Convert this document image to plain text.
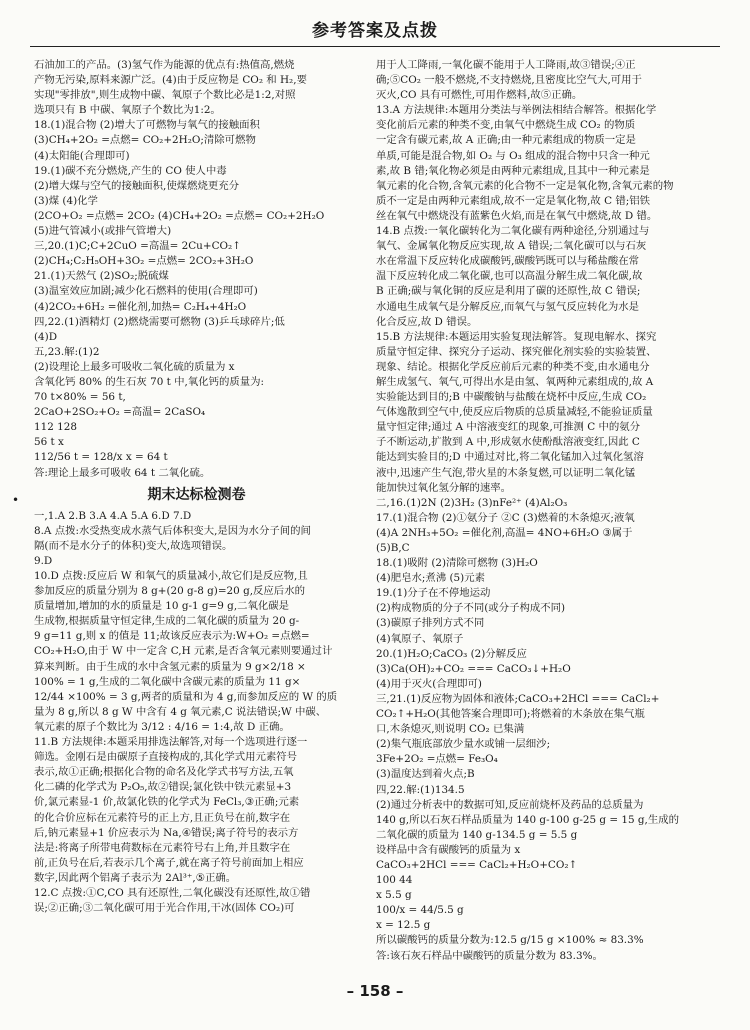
参考答案及点拨
•

石油加工的产品。(3)氢气作为能源的优点有:热值高,燃烧

产物无污染,原料来源广泛。(4)由于反应物是 CO₂ 和 H₂,要

实现"零排放",则生成物中碳、氧原子个数比必是1:2,对照

选项只有 B 中碳、氧原子个数比为1:2。

18.(1)混合物 (2)增大了可燃物与氧气的接触面积

(3)CH₄+2O₂ =点燃= CO₂+2H₂O;清除可燃物

(4)太阳能(合理即可)

19.(1)碳不充分燃烧,产生的 CO 使人中毒

(2)增大煤与空气的接触面积,使煤燃烧更充分

(3)煤 (4)化学

(2CO+O₂ =点燃= 2CO₂ (4)CH₄+2O₂ =点燃= CO₂+2H₂O

(5)进气管减小(或排气管增大)

三,20.(1)C;C+2CuO =高温= 2Cu+CO₂↑

(2)CH₄;C₂H₅OH+3O₂ =点燃= 2CO₂+3H₂O

21.(1)天然气 (2)SO₂;脱硫煤

(3)温室效应加剧;减少化石燃料的使用(合理即可)

(4)2CO₂+6H₂ =催化剂,加热= C₂H₄+4H₂O

四,22.(1)酒精灯 (2)燃烧需要可燃物 (3)乒乓球碎片;低

(4)D

五,23.解:(1)2

(2)设理论上最多可吸收二氧化硫的质量为 x

含氧化钙 80% 的生石灰 70 t 中,氧化钙的质量为:

70 t×80% = 56 t,

2CaO+2SO₂+O₂ =高温= 2CaSO₄

112 128

56 t x

112/56 t = 128/x x = 64 t

答:理论上最多可吸收 64 t 二氧化硫。

期末达标检测卷

一,1.A 2.B 3.A 4.A 5.A 6.D 7.D

8.A 点拨:水受热变成水蒸气后体积变大,是因为水分子间的间

隔(而不是水分子的体积)变大,故选项错误。

9.D

10.D 点拨:反应后 W 和氧气的质量减小,故它们是反应物,且

参加反应的质量分别为 8 g+(20 g-8 g)=20 g,反应后水的

质量增加,增加的水的质量是 10 g-1 g=9 g,二氧化碳是

生成物,根据质量守恒定律,生成的二氧化碳的质量为 20 g-

9 g=11 g,则 x 的值是 11;故该反应表示为:W+O₂ =点燃=

CO₂+H₂O,由于 W 中一定含 C,H 元素,是否含氧元素则要通过计

算来判断。由于生成的水中含氢元素的质量为 9 g×2/18 ×

100% = 1 g,生成的二氧化碳中含碳元素的质量为 11 g×

12/44 ×100% = 3 g,两者的质量和为 4 g,而参加反应的 W 的质

量为 8 g,所以 8 g W 中含有 4 g 氧元素,C 说法错误;W 中碳、

氧元素的原子个数比为 3/12 : 4/16 = 1:4,故 D 正确。

11.B 方法规律:本题采用排选法解答,对每一个选项进行逐一

筛选。金刚石是由碳原子直接构成的,其化学式用元素符号

表示,故①正确;根据化合物的命名及化学式书写方法,五氧

化二磷的化学式为 P₂O₅,故②错误;氯化铁中铁元素显+3

价,氯元素显-1 价,故氯化铁的化学式为 FeCl₃,③正确;元素

的化合价应标在元素符号的正上方,且正负号在前,数字在

后,钠元素显+1 价应表示为 Na,④错误;离子符号的表示方

法是:将离子所带电荷数标在元素符号右上角,并且数字在

前,正负号在后,若表示几个离子,就在离子符号前面加上相应

数字,因此两个铝离子表示为 2Al³⁺,⑤正确。

12.C 点拨:①C,CO 具有还原性,二氧化碳没有还原性,故①错

误;②正确;③二氧化碳可用于光合作用,干冰(固体 CO₂)可

用于人工降雨,一氧化碳不能用于人工降雨,故③错误;④正

确;⑤CO₂ 一般不燃烧,不支持燃烧,且密度比空气大,可用于

灭火,CO 具有可燃性,可用作燃料,故⑤正确。

13.A 方法规律:本题用分类法与举例法相结合解答。根据化学

变化前后元素的种类不变,由氧气中燃烧生成 CO₂ 的物质

一定含有碳元素,故 A 正确;由一种元素组成的物质一定是

单质,可能是混合物,如 O₂ 与 O₃ 组成的混合物中只含一种元

素,故 B 错;氧化物必须是由两种元素组成,且其中一种元素是

氧元素的化合物,含氧元素的化合物不一定是氧化物,含氧元素的物

质不一定是由两种元素组成,故不一定是氧化物,故 C 错;铝铁

丝在氧气中燃烧没有蓝紫色火焰,而是在氧气中燃烧,故 D 错。

14.B 点拨:一氧化碳转化为二氧化碳有两种途径,分别通过与

氧气、金属氧化物反应实现,故 A 错误;二氧化碳可以与石灰

水在常温下反应转化成碳酸钙,碳酸钙既可以与稀盐酸在常

温下反应转化成二氧化碳,也可以高温分解生成二氧化碳,故

B 正确;碳与氧化铜的反应是利用了碳的还原性,故 C 错误;

水通电生成氧气是分解反应,而氧气与氢气反应转化为水是

化合反应,故 D 错误。

15.B 方法规律:本题运用实验复现法解答。复现电解水、探究

质量守恒定律、探究分子运动、探究催化剂实验的实验装置、

现象、结论。根据化学反应前后元素的种类不变,由水通电分

解生成氢气、氧气,可得出水是由氢、氧两种元素组成的,故 A

实验能达到目的;B 中碳酸钠与盐酸在烧杯中反应,生成 CO₂

气体逸散到空气中,使反应后物质的总质量减轻,不能验证质量

量守恒定律;通过 A 中溶液变红的现象,可推测 C 中的氨分

子不断运动,扩散到 A 中,形成氨水使酚酞溶液变红,因此 C

能达到实验目的;D 中通过对比,将二氧化锰加入过氧化氢溶

液中,迅速产生气泡,带火星的木条复燃,可以证明二氧化锰

能加快过氧化氢分解的速率。

二,16.(1)2N (2)3H₂ (3)nFe²⁺ (4)Al₂O₃

17.(1)混合物 (2)①氨分子 ②C (3)燃着的木条熄灭;液氧

(4)A 2NH₃+5O₂ =催化剂,高温= 4NO+6H₂O ③属于

(5)B,C

18.(1)吸附 (2)清除可燃物 (3)H₂O

(4)肥皂水;煮沸 (5)元素

19.(1)分子在不停地运动

(2)构成物质的分子不同(或分子构成不同)

(3)碳原子排列方式不同

(4)氧原子、氧原子

20.(1)H₂O;CaCO₃ (2)分解反应

(3)Ca(OH)₂+CO₂ === CaCO₃↓+H₂O

(4)用于灭火(合理即可)

三,21.(1)反应物为固体和液体;CaCO₃+2HCl === CaCl₂+

CO₂↑+H₂O(其他答案合理即可);将燃着的木条放在集气瓶

口,木条熄灭,则说明 CO₂ 已集满

(2)集气瓶底部放少量水或铺一层细沙;

3Fe+2O₂ =点燃= Fe₃O₄

(3)温度达到着火点;B

四,22.解:(1)134.5

(2)通过分析表中的数据可知,反应前烧杯及药品的总质量为

140 g,所以石灰石样品质量为 140 g-100 g-25 g = 15 g,生成的

二氧化碳的质量为 140 g-134.5 g = 5.5 g

设样品中含有碳酸钙的质量为 x

CaCO₃+2HCl === CaCl₂+H₂O+CO₂↑

100 44

x 5.5 g

100/x = 44/5.5 g

x = 12.5 g

所以碳酸钙的质量分数为:12.5 g/15 g ×100% ≈ 83.3%

答:该石灰石样品中碳酸钙的质量分数为 83.3%。

– 158 –
